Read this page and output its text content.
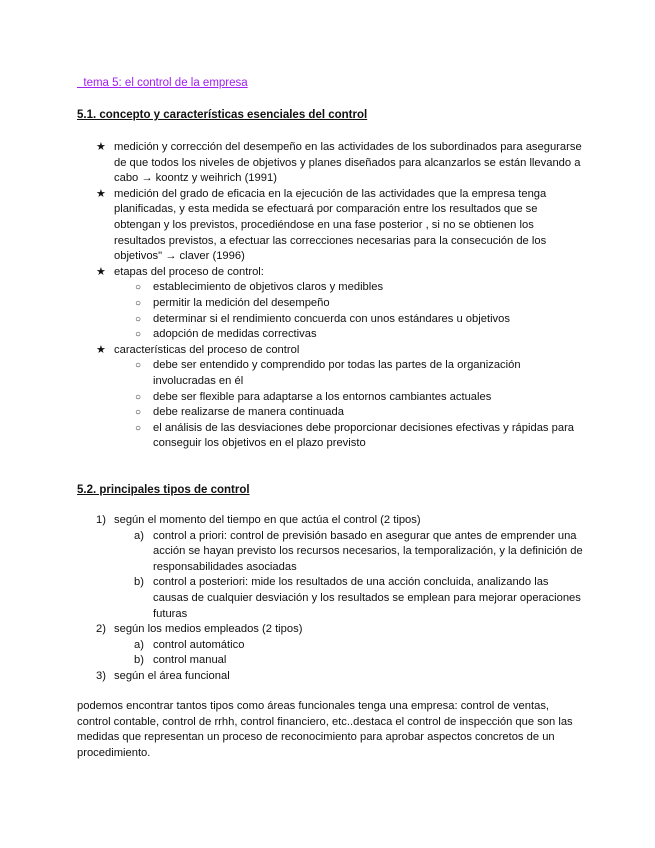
tema 5: el control de la empresa
5.1. concepto y características esenciales del control
★ medición y corrección del desempeño en las actividades de los subordinados para asegurarse de que todos los niveles de objetivos y planes diseñados para alcanzarlos se están llevando a cabo → koontz y weihrich (1991)
★ medición del grado de eficacia en la ejecución de las actividades que la empresa tenga planificadas, y esta medida se efectuará por comparación entre los resultados que se obtengan y los previstos, procediéndose en una fase posterior , si no se obtienen los resultados previstos, a efectuar las correcciones necesarias para la consecución de los objetivos" → claver (1996)
★ etapas del proceso de control:
○ establecimiento de objetivos claros y medibles
○ permitir la medición del desempeño
○ determinar si el rendimiento concuerda con unos estándares u objetivos
○ adopción de medidas correctivas
★ características del proceso de control
○ debe ser entendido y comprendido por todas las partes de la organización involucradas en él
○ debe ser flexible para adaptarse a los entornos cambiantes actuales
○ debe realizarse de manera continuada
○ el análisis de las desviaciones debe proporcionar decisiones efectivas y rápidas para conseguir los objetivos en el plazo previsto
5.2. principales tipos de control
1) según el momento del tiempo en que actúa el control (2 tipos)
a) control a priori: control de previsión basado en asegurar que antes de emprender una acción se hayan previsto los recursos necesarios, la temporalización, y la definición de responsabilidades asociadas
b) control a posteriori: mide los resultados de una acción concluida, analizando las causas de cualquier desviación y los resultados se emplean para mejorar operaciones futuras
2) según los medios empleados (2 tipos)
a) control automático
b) control manual
3) según el área funcional
podemos encontrar tantos tipos como áreas funcionales tenga una empresa: control de ventas, control contable, control de rrhh, control financiero, etc..destaca el control de inspección que son las medidas que representan un proceso de reconocimiento para aprobar aspectos concretos de un procedimiento.
